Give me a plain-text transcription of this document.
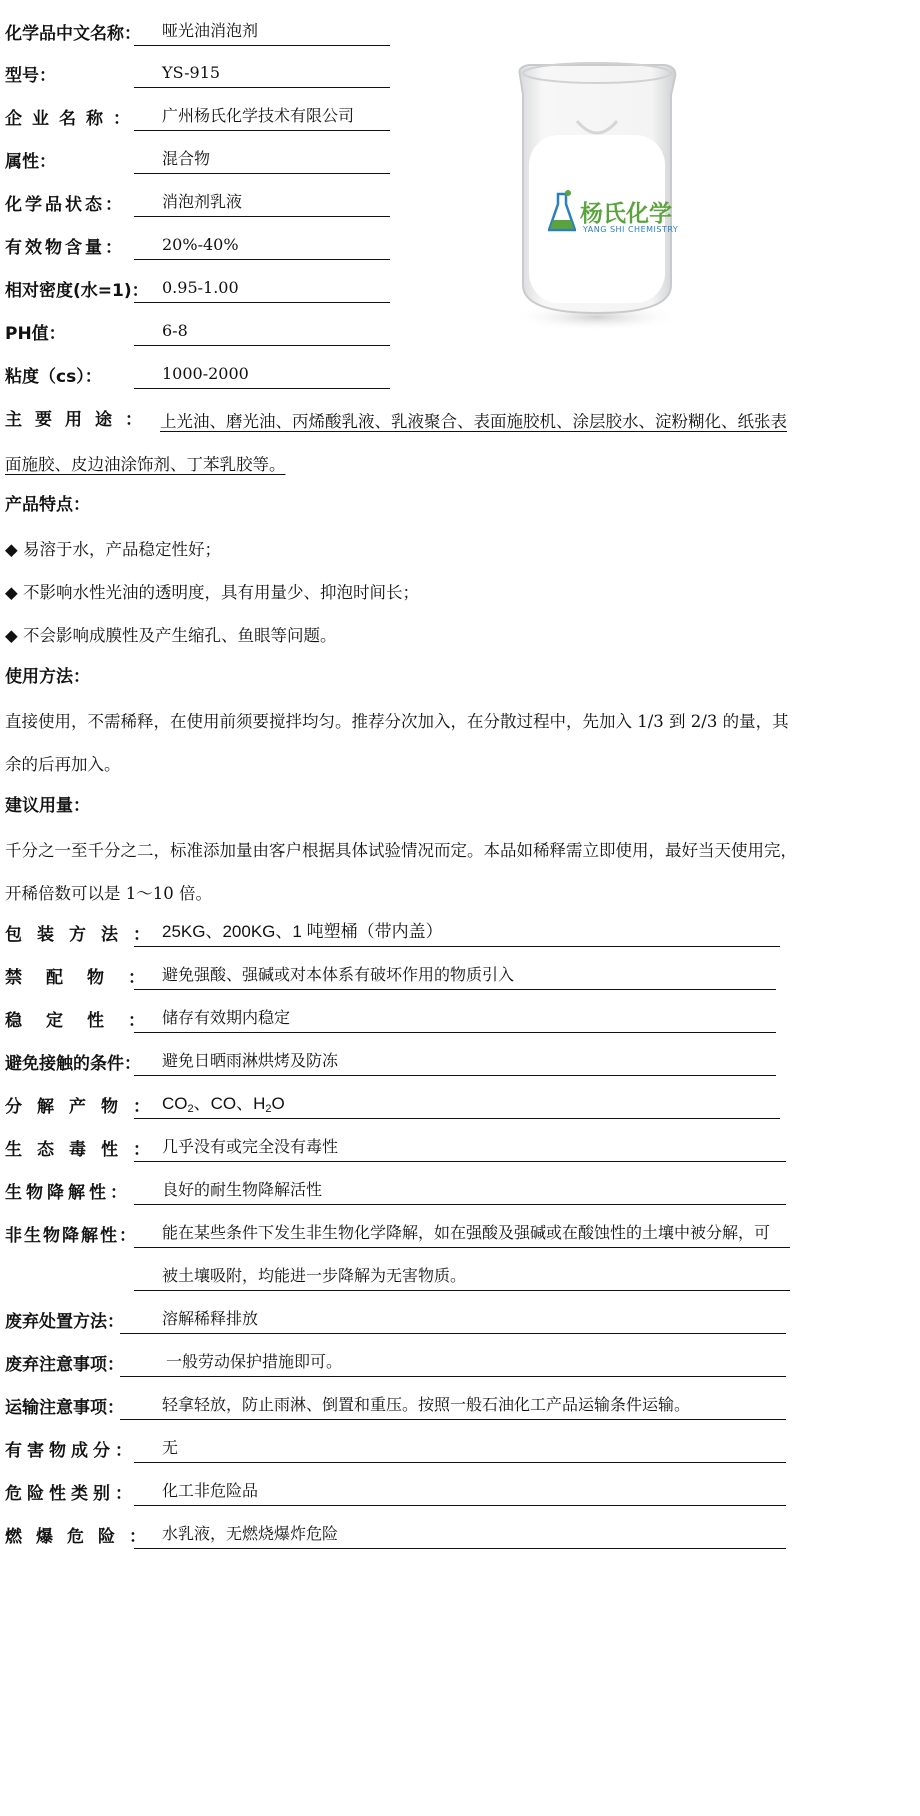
化学品中文名称：	哑光油消泡剂
型号：	YS-915
企业名称：	广州杨氏化学技术有限公司
属性：	混合物
化学品状态：	消泡剂乳液
有效物含量：	20%-40%
相对密度(水=1)： 0.95-1.00
PH值：	6-8
粘度（cs）：	1000-2000
杨氏化学
YANG SHI CHEMISTRY
主要用途： 上光油、磨光油、丙烯酸乳液、乳液聚合、表面施胶机、涂层胶水、淀粉糊化、纸张表
面施胶、皮边油涂饰剂、丁苯乳胶等。
产品特点：
◆ 易溶于水，产品稳定性好；
◆ 不影响水性光油的透明度，具有用量少、抑泡时间长；
◆ 不会影响成膜性及产生缩孔、鱼眼等问题。
使用方法：
直接使用，不需稀释，在使用前须要搅拌均匀。推荐分次加入，在分散过程中，先加入 1/3 到 2/3 的量，其
余的后再加入。
建议用量：
千分之一至千分之二，标准添加量由客户根据具体试验情况而定。本品如稀释需立即使用，最好当天使用完，
开稀倍数可以是 1～10 倍。
包装方法：
25KG、200KG、1 吨塑桶（带内盖）
禁配物：
避免强酸、强碱或对本体系有破坏作用的物质引入
稳定性：
储存有效期内稳定
避免接触的条件：	避免日晒雨淋烘烤及防冻
分解产物：
$CO_2$、CO、$H_2O$
生态毒性：
几乎没有或完全没有毒性
生物降解性：	良好的耐生物降解活性
非生物降解性：	能在某些条件下发生非生物化学降解，如在强酸及强碱或在酸蚀性的土壤中被分解，可
被土壤吸附，均能进一步降解为无害物质。
废弃处置方法：	溶解稀释排放
废弃注意事项：	一般劳动保护措施即可。
运输注意事项：	轻拿轻放，防止雨淋、倒置和重压。按照一般石油化工产品运输条件运输。
有害物成分：	无
危险性类别：	化工非危险品
燃爆危险： 水乳液，无燃烧爆炸危险
